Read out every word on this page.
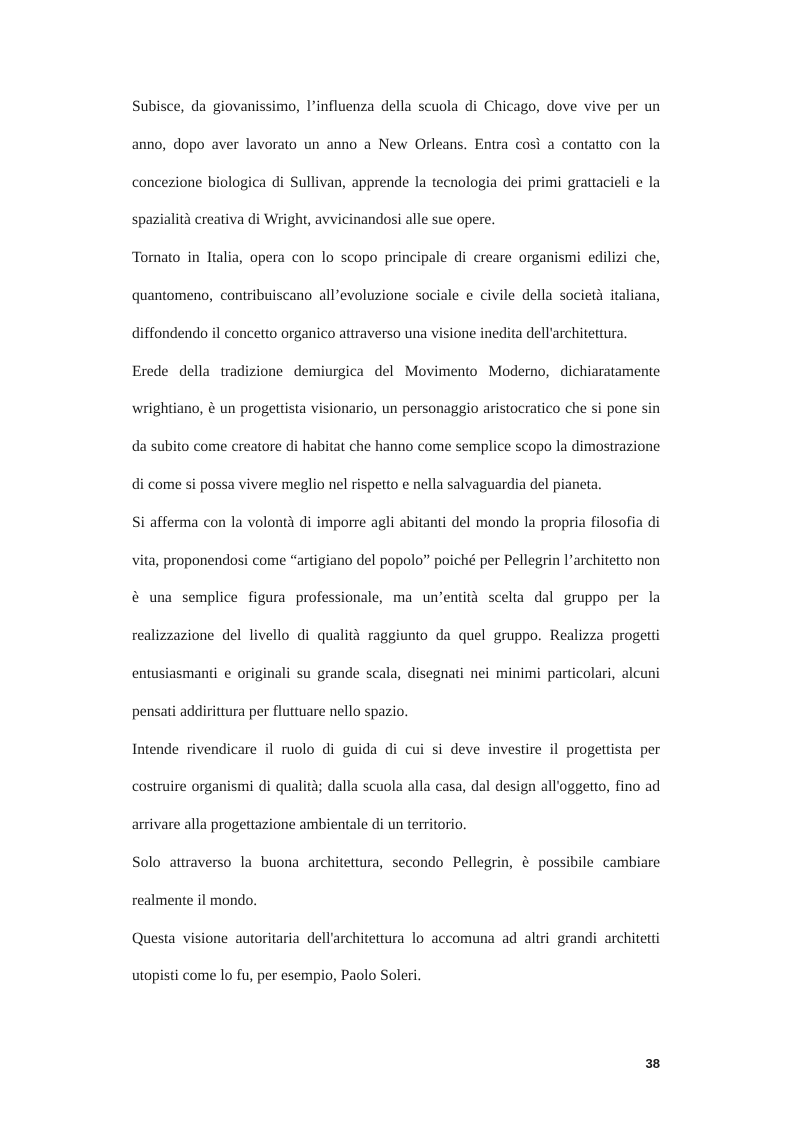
Subisce, da giovanissimo, l’influenza della scuola di Chicago, dove vive per un anno, dopo aver lavorato un anno a New Orleans. Entra così a contatto con la concezione biologica di Sullivan, apprende la tecnologia dei primi grattacieli e la spazialità creativa di Wright, avvicinandosi alle sue opere.

Tornato in Italia, opera con lo scopo principale di creare organismi edilizi che, quantomeno, contribuiscano all’evoluzione sociale e civile della società italiana, diffondendo il concetto organico attraverso una visione inedita dell'architettura.

Erede della tradizione demiurgica del Movimento Moderno, dichiaratamente wrightiano, è un progettista visionario, un personaggio aristocratico che si pone sin da subito come creatore di habitat che hanno come semplice scopo la dimostrazione di come si possa vivere meglio nel rispetto e nella salvaguardia del pianeta.

Si afferma con la volontà di imporre agli abitanti del mondo la propria filosofia di vita, proponendosi come “artigiano del popolo” poiché per Pellegrin l’architetto non è una semplice figura professionale, ma un’entità scelta dal gruppo per la realizzazione del livello di qualità raggiunto da quel gruppo. Realizza progetti entusiasmanti e originali su grande scala, disegnati nei minimi particolari, alcuni pensati addirittura per fluttuare nello spazio.

Intende rivendicare il ruolo di guida di cui si deve investire il progettista per costruire organismi di qualità; dalla scuola alla casa, dal design all'oggetto, fino ad arrivare alla progettazione ambientale di un territorio.

Solo attraverso la buona architettura, secondo Pellegrin, è possibile cambiare realmente il mondo.

Questa visione autoritaria dell'architettura lo accomuna ad altri grandi architetti utopisti come lo fu, per esempio, Paolo Soleri.

38
